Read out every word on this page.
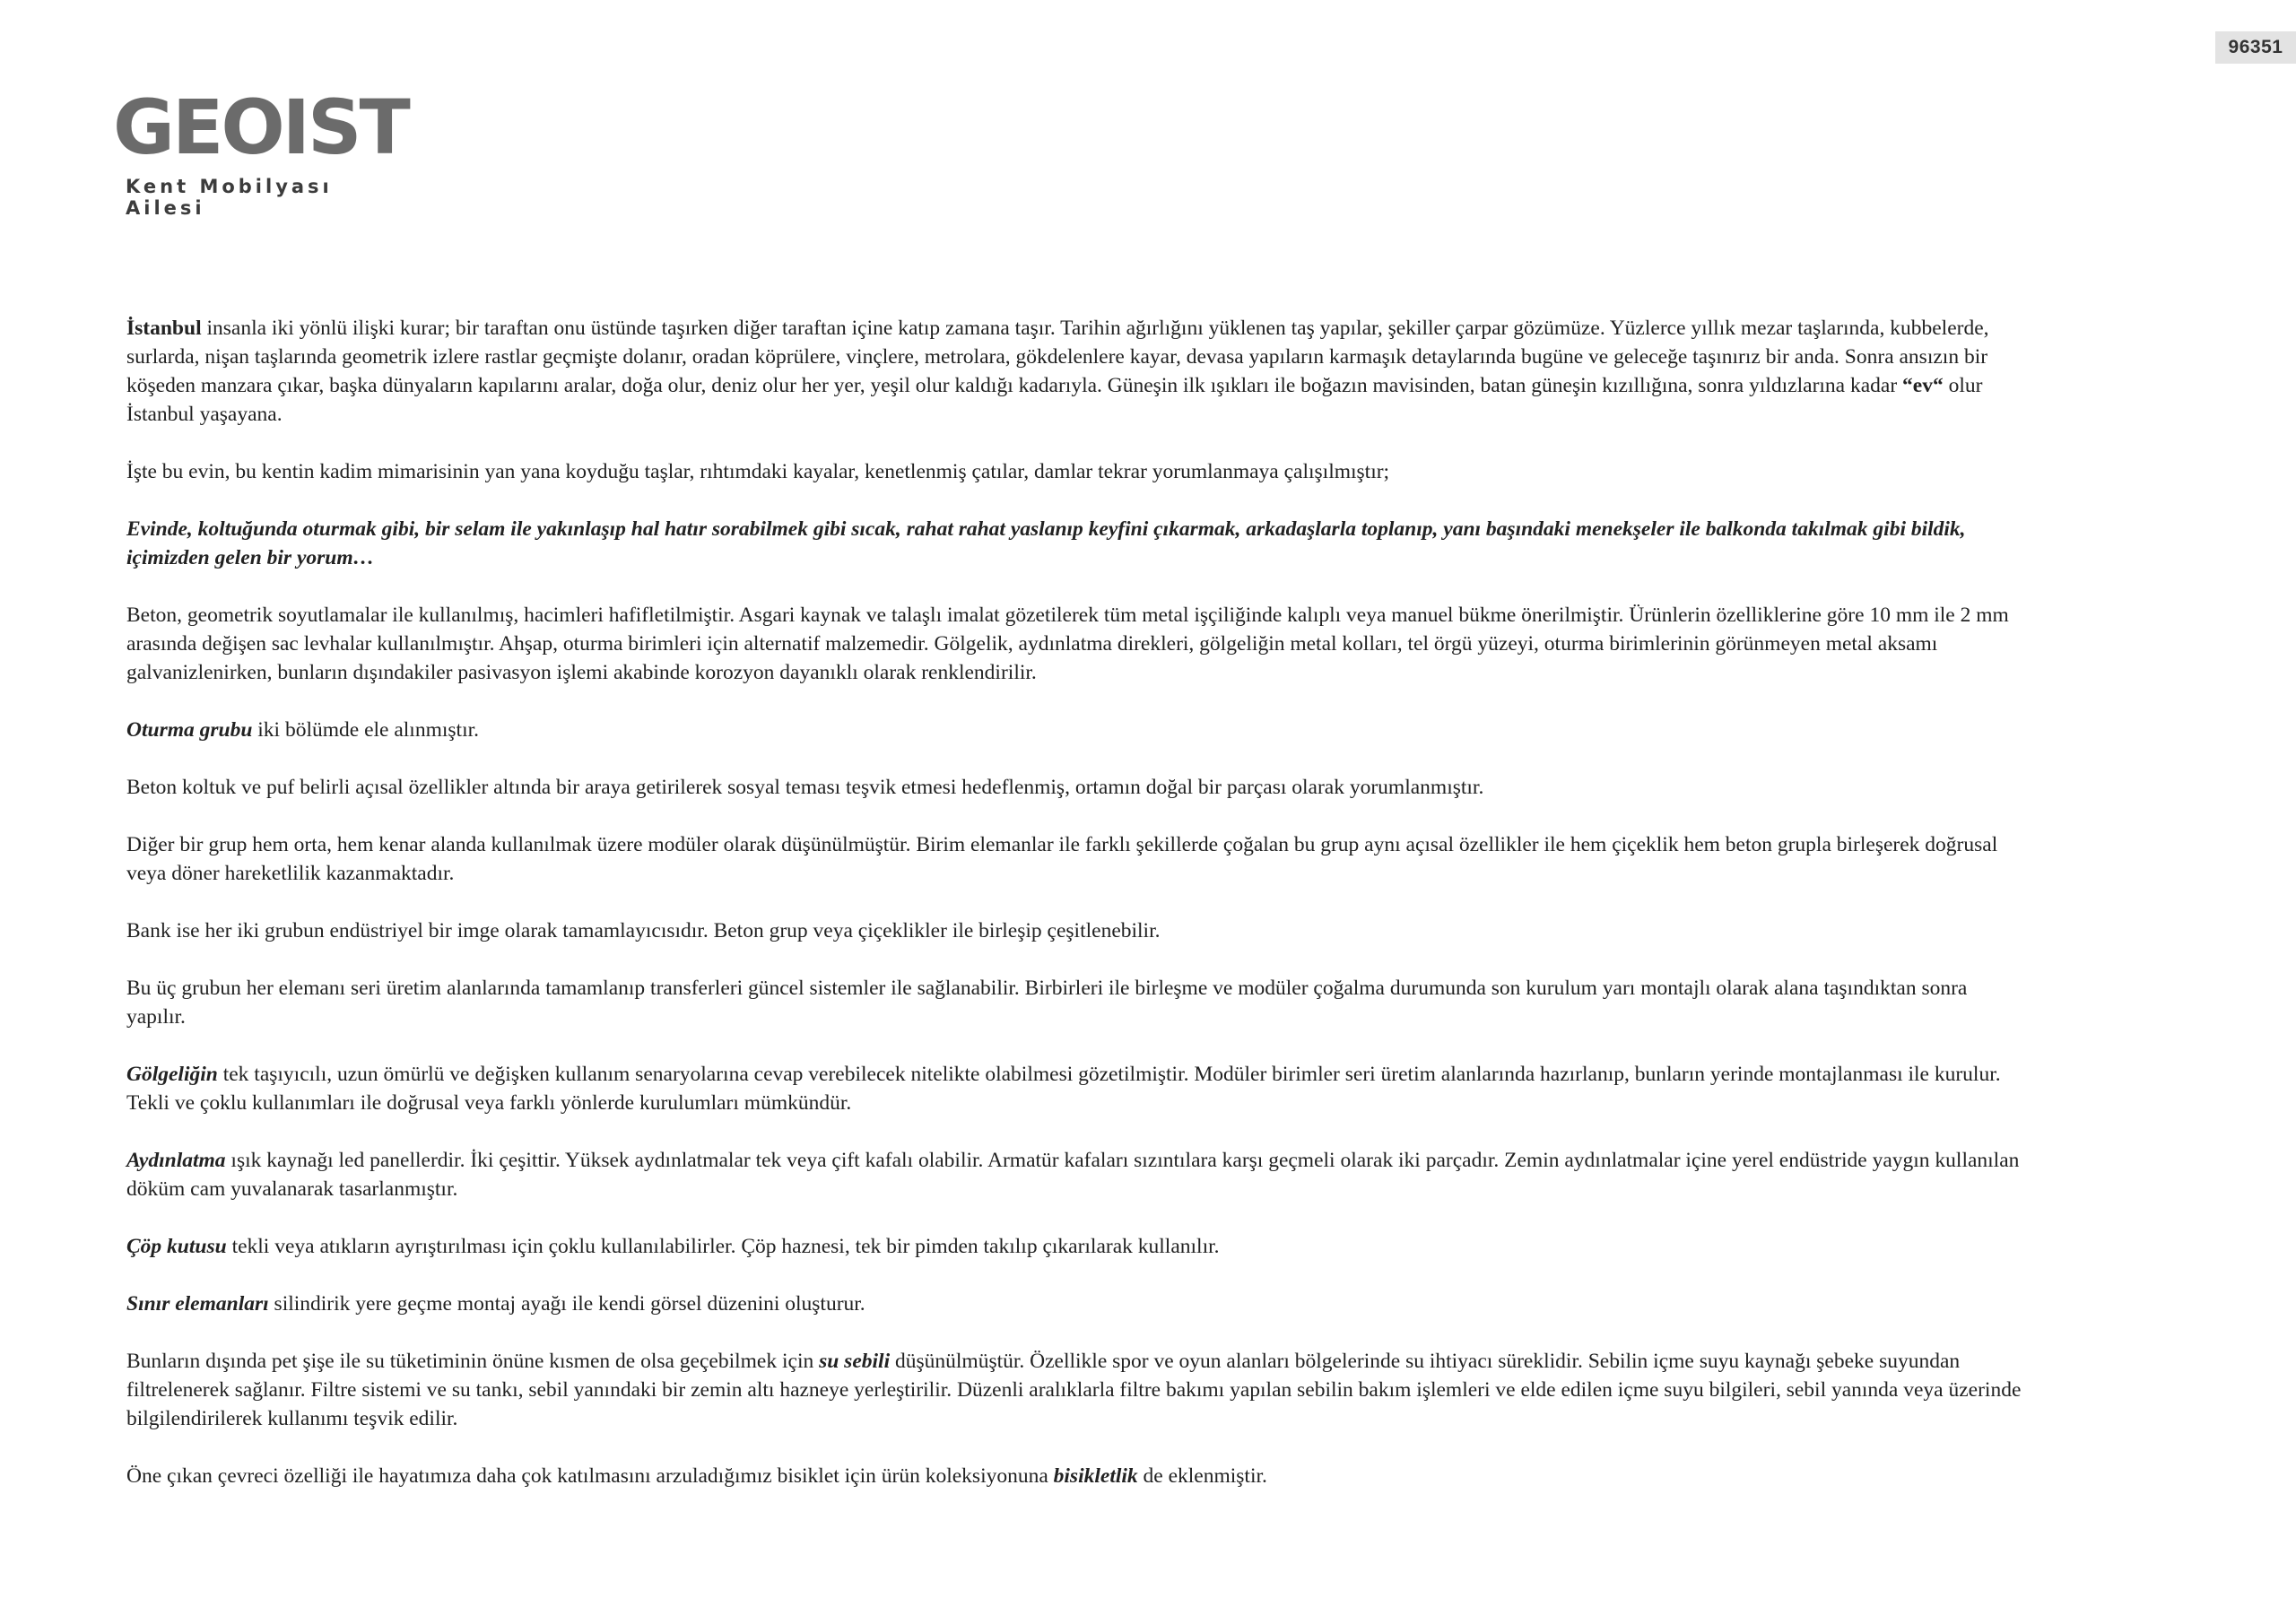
96351
GEOIST
Kent Mobilyası Ailesi

İstanbul insanla iki yönlü ilişki kurar; bir taraftan onu üstünde taşırken diğer taraftan içine katıp zamana taşır. Tarihin ağırlığını yüklenen taş yapılar, şekiller çarpar gözümüze. Yüzlerce yıllık mezar taşlarında, kubbelerde, surlarda, nişan taşlarında geometrik izlere rastlar geçmişte dolanır, oradan köprülere, vinçlere, metrolara, gökdelenlere kayar, devasa yapıların karmaşık detaylarında bugüne ve geleceğe taşınırız bir anda. Sonra ansızın bir köşeden manzara çıkar, başka dünyaların kapılarını aralar, doğa olur, deniz olur her yer, yeşil olur kaldığı kadarıyla. Güneşin ilk ışıkları ile boğazın mavisinden, batan güneşin kızıllığına, sonra yıldızlarına kadar “ev“ olur İstanbul yaşayana.

İşte bu evin, bu kentin kadim mimarisinin yan yana koyduğu taşlar, rıhtımdaki kayalar, kenetlenmiş çatılar, damlar tekrar yorumlanmaya çalışılmıştır;

Evinde, koltuğunda oturmak gibi, bir selam ile yakınlaşıp hal hatır sorabilmek gibi sıcak, rahat rahat yaslanıp keyfini çıkarmak, arkadaşlarla toplanıp, yanı başındaki menekşeler ile balkonda takılmak gibi bildik, içimizden gelen bir yorum…

Beton, geometrik soyutlamalar ile kullanılmış, hacimleri hafifletilmiştir. Asgari kaynak ve talaşlı imalat gözetilerek tüm metal işçiliğinde kalıplı veya manuel bükme önerilmiştir. Ürünlerin özelliklerine göre 10 mm ile 2 mm arasında değişen sac levhalar kullanılmıştır. Ahşap, oturma birimleri için alternatif malzemedir. Gölgelik, aydınlatma direkleri, gölgeliğin metal kolları, tel örgü yüzeyi, oturma birimlerinin görünmeyen metal aksamı galvanizlenirken, bunların dışındakiler pasivasyon işlemi akabinde korozyon dayanıklı olarak renklendirilir.

Oturma grubu iki bölümde ele alınmıştır.

Beton koltuk ve puf belirli açısal özellikler altında bir araya getirilerek sosyal teması teşvik etmesi hedeflenmiş, ortamın doğal bir parçası olarak yorumlanmıştır.

Diğer bir grup hem orta, hem kenar alanda kullanılmak üzere modüler olarak düşünülmüştür. Birim elemanlar ile farklı şekillerde çoğalan bu grup aynı açısal özellikler ile hem çiçeklik hem beton grupla birleşerek doğrusal veya döner hareketlilik kazanmaktadır.

Bank ise her iki grubun endüstriyel bir imge olarak tamamlayıcısıdır. Beton grup veya çiçeklikler ile birleşip çeşitlenebilir.

Bu üç grubun her elemanı seri üretim alanlarında tamamlanıp transferleri güncel sistemler ile sağlanabilir. Birbirleri ile birleşme ve modüler çoğalma durumunda son kurulum yarı montajlı olarak alana taşındıktan sonra yapılır.

Gölgeliğin tek taşıyıcılı, uzun ömürlü ve değişken kullanım senaryolarına cevap verebilecek nitelikte olabilmesi gözetilmiştir. Modüler birimler seri üretim alanlarında hazırlanıp, bunların yerinde montajlanması ile kurulur. Tekli ve çoklu kullanımları ile doğrusal veya farklı yönlerde kurulumları mümkündür.

Aydınlatma ışık kaynağı led panellerdir. İki çeşittir. Yüksek aydınlatmalar tek veya çift kafalı olabilir. Armatür kafaları sızıntılara karşı geçmeli olarak iki parçadır. Zemin aydınlatmalar içine yerel endüstride yaygın kullanılan döküm cam yuvalanarak tasarlanmıştır.

Çöp kutusu tekli veya atıkların ayrıştırılması için çoklu kullanılabilirler. Çöp haznesi, tek bir pimden takılıp çıkarılarak kullanılır.

Sınır elemanları silindirik yere geçme montaj ayağı ile kendi görsel düzenini oluşturur.

Bunların dışında pet şişe ile su tüketiminin önüne kısmen de olsa geçebilmek için su sebili düşünülmüştür. Özellikle spor ve oyun alanları bölgelerinde su ihtiyacı süreklidir. Sebilin içme suyu kaynağı şebeke suyundan filtrelenerek sağlanır. Filtre sistemi ve su tankı, sebil yanındaki bir zemin altı hazneye yerleştirilir. Düzenli aralıklarla filtre bakımı yapılan sebilin bakım işlemleri ve elde edilen içme suyu bilgileri, sebil yanında veya üzerinde bilgilendirilerek kullanımı teşvik edilir.

Öne çıkan çevreci özelliği ile hayatımıza daha çok katılmasını arzuladığımız bisiklet için ürün koleksiyonuna bisikletlik de eklenmiştir.
